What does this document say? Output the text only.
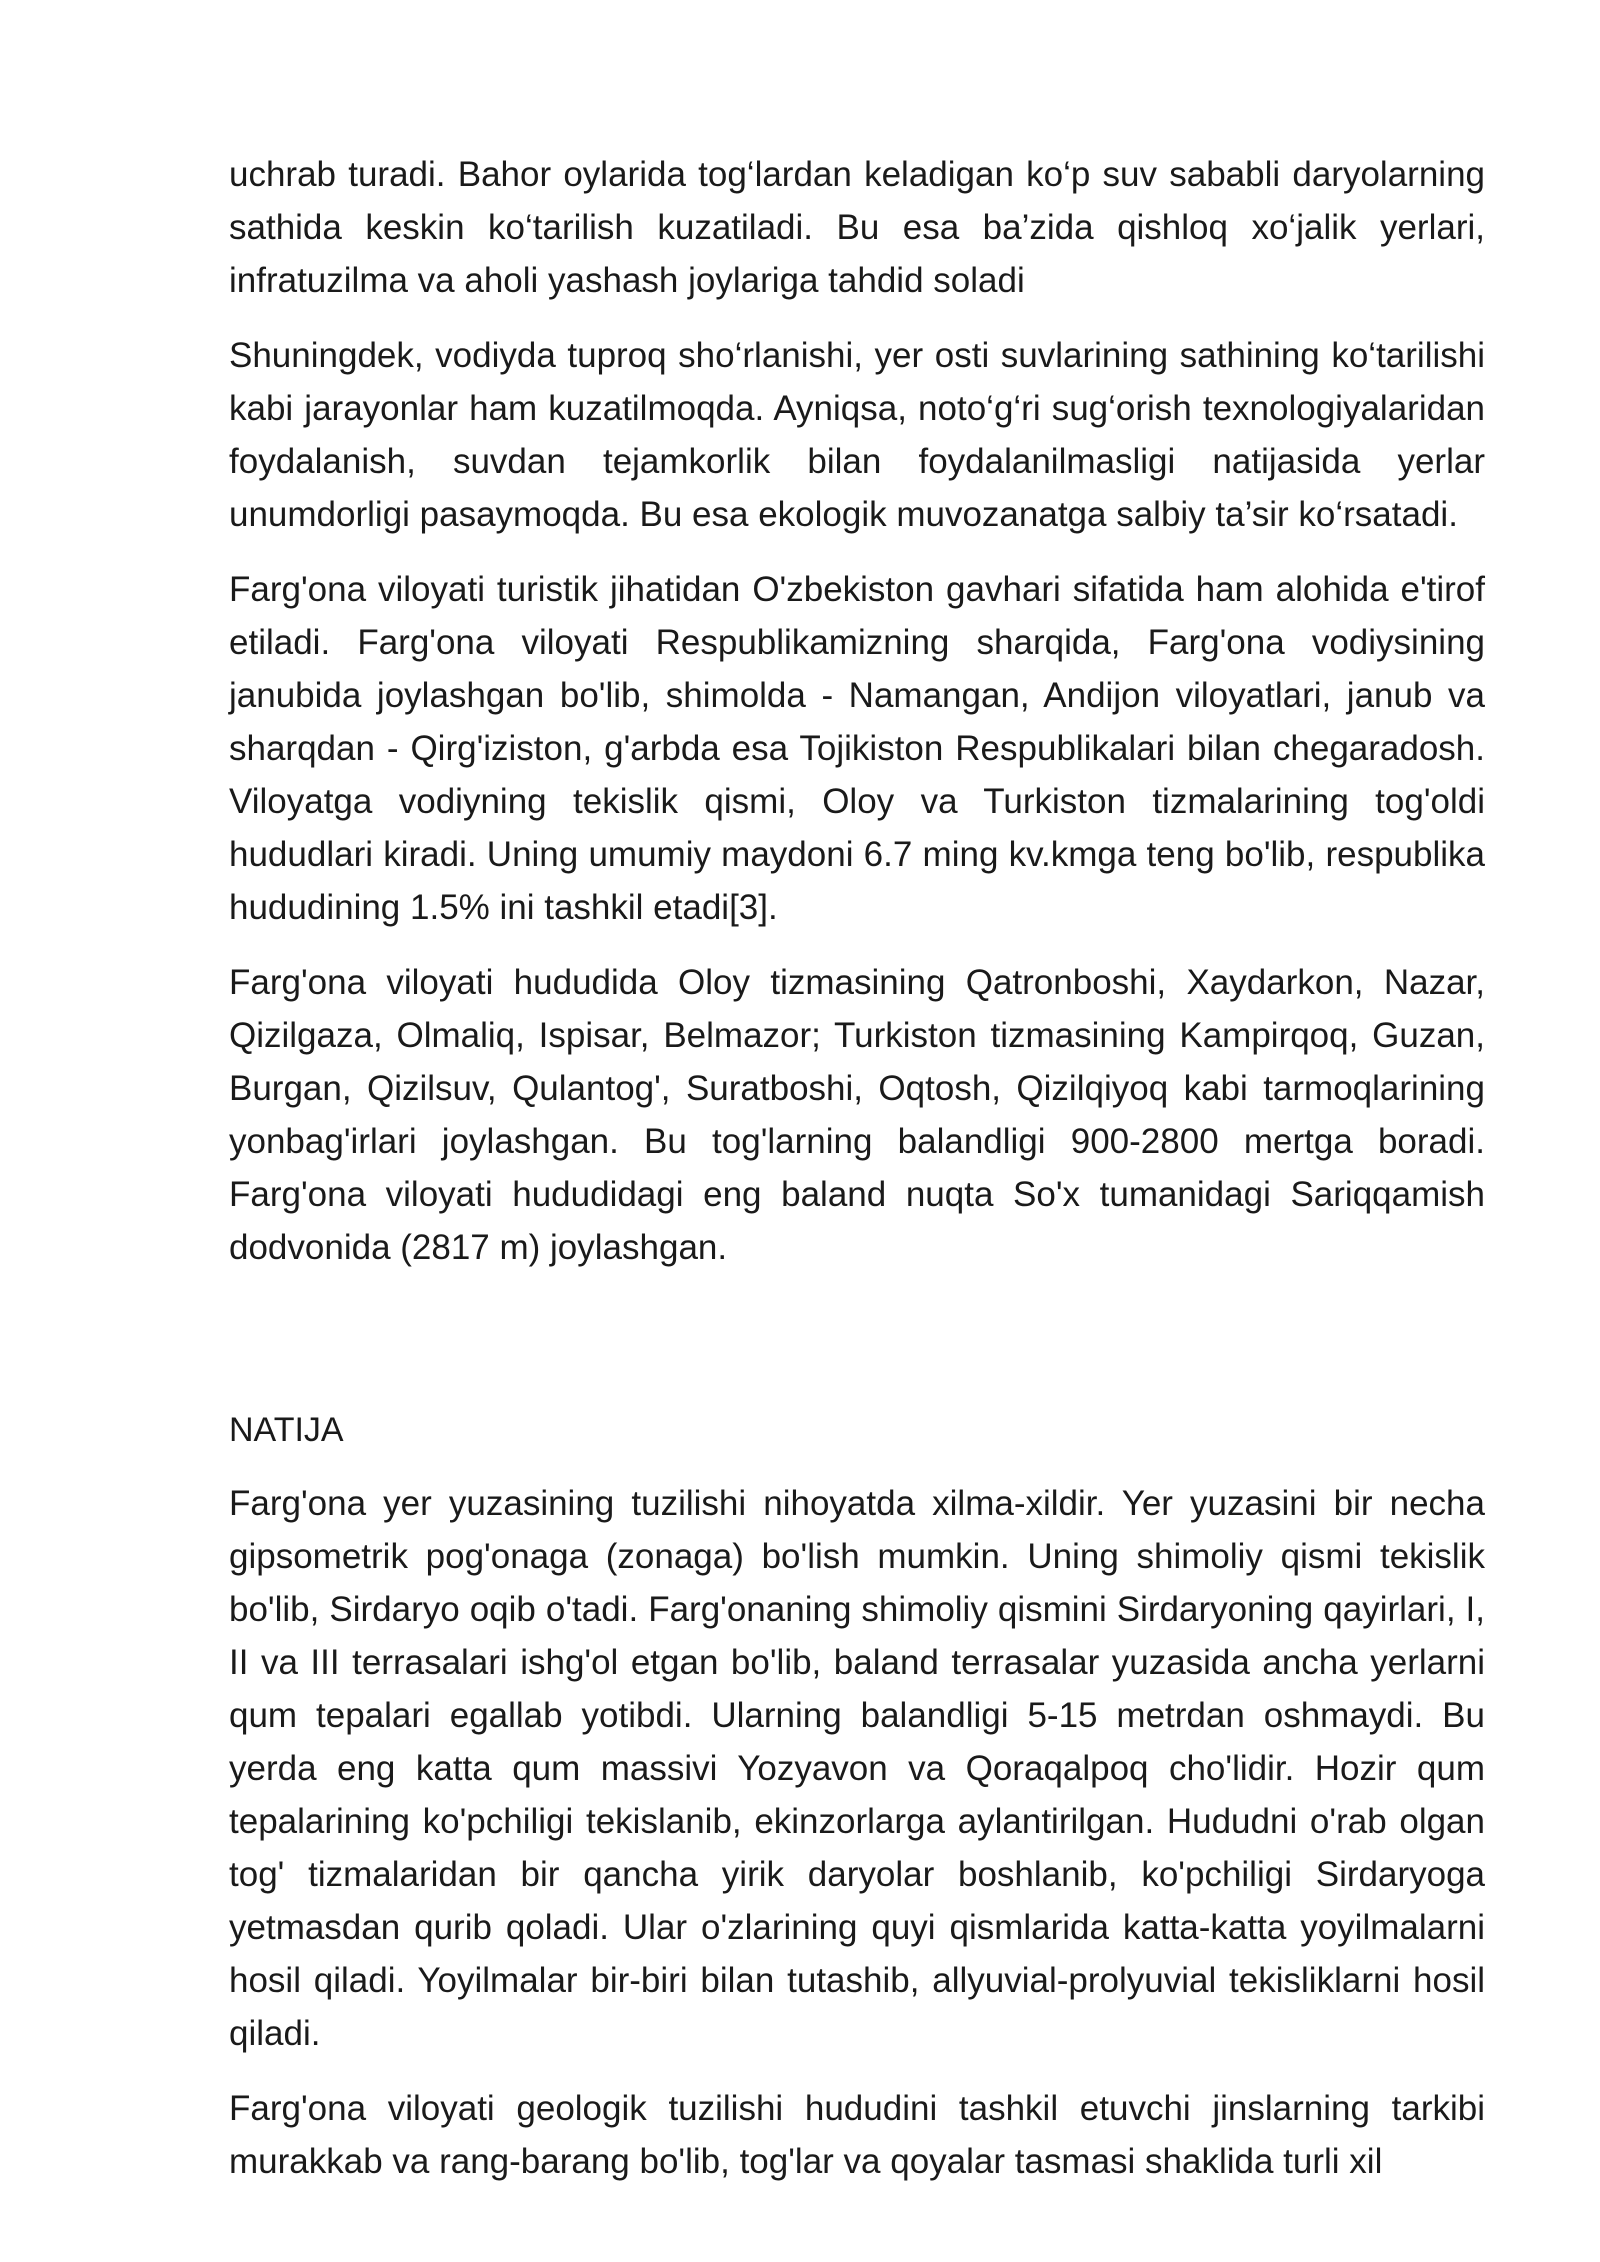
uchrab turadi. Bahor oylarida tog‘lardan keladigan ko‘p suv sababli daryolarning sathida keskin ko‘tarilish kuzatiladi. Bu esa ba’zida qishloq xo‘jalik yerlari, infratuzilma va aholi yashash joylariga tahdid soladi

Shuningdek, vodiyda tuproq sho‘rlanishi, yer osti suvlarining sathining ko‘tarilishi kabi jarayonlar ham kuzatilmoqda. Ayniqsa, noto‘g‘ri sug‘orish texnologiyalaridan foydalanish, suvdan tejamkorlik bilan foydalanilmasligi natijasida yerlar unumdorligi pasaymoqda. Bu esa ekologik muvozanatga salbiy ta’sir ko‘rsatadi.

Farg'ona viloyati turistik jihatidan O'zbekiston gavhari sifatida ham alohida e'tirof etiladi. Farg'ona viloyati Respublikamizning sharqida, Farg'ona vodiysining janubida joylashgan bo'lib, shimolda - Namangan, Andijon viloyatlari, janub va sharqdan - Qirg'iziston, g'arbda esa Tojikiston Respublikalari bilan chegaradosh. Viloyatga vodiyning tekislik qismi, Oloy va Turkiston tizmalarining tog'oldi hududlari kiradi. Uning umumiy maydoni 6.7 ming kv.kmga teng bo'lib, respublika hududining 1.5% ini tashkil etadi[3].

Farg'ona viloyati hududida Oloy tizmasining Qatronboshi, Xaydarkon, Nazar, Qizilgaza, Olmaliq, Ispisar, Belmazor; Turkiston tizmasining Kampirqoq, Guzan, Burgan, Qizilsuv, Qulantog', Suratboshi, Oqtosh, Qizilqiyoq kabi tarmoqlarining yonbag'irlari joylashgan. Bu tog'larning balandligi 900-2800 mertga boradi. Farg'ona viloyati hududidagi eng baland nuqta So'x tumanidagi Sariqqamish dodvonida (2817 m) joylashgan.

NATIJA

Farg'ona yer yuzasining tuzilishi nihoyatda xilma-xildir. Yer yuzasini bir necha gipsometrik pog'onaga (zonaga) bo'lish mumkin. Uning shimoliy qismi tekislik bo'lib, Sirdaryo oqib o'tadi. Farg'onaning shimoliy qismini Sirdaryoning qayirlari, I, II va III terrasalari ishg'ol etgan bo'lib, baland terrasalar yuzasida ancha yerlarni qum tepalari egallab yotibdi. Ularning balandligi 5-15 metrdan oshmaydi. Bu yerda eng katta qum massivi Yozyavon va Qoraqalpoq cho'lidir. Hozir qum tepalarining ko'pchiligi tekislanib, ekinzorlarga aylantirilgan. Hududni o'rab olgan tog' tizmalaridan bir qancha yirik daryolar boshlanib, ko'pchiligi Sirdaryoga yetmasdan qurib qoladi. Ular o'zlarining quyi qismlarida katta-katta yoyilmalarni hosil qiladi. Yoyilmalar bir-biri bilan tutashib, allyuvial-prolyuvial tekisliklarni hosil qiladi.

Farg'ona viloyati geologik tuzilishi hududini tashkil etuvchi jinslarning tarkibi murakkab va rang-barang bo'lib, tog'lar va qoyalar tasmasi shaklida turli xil
